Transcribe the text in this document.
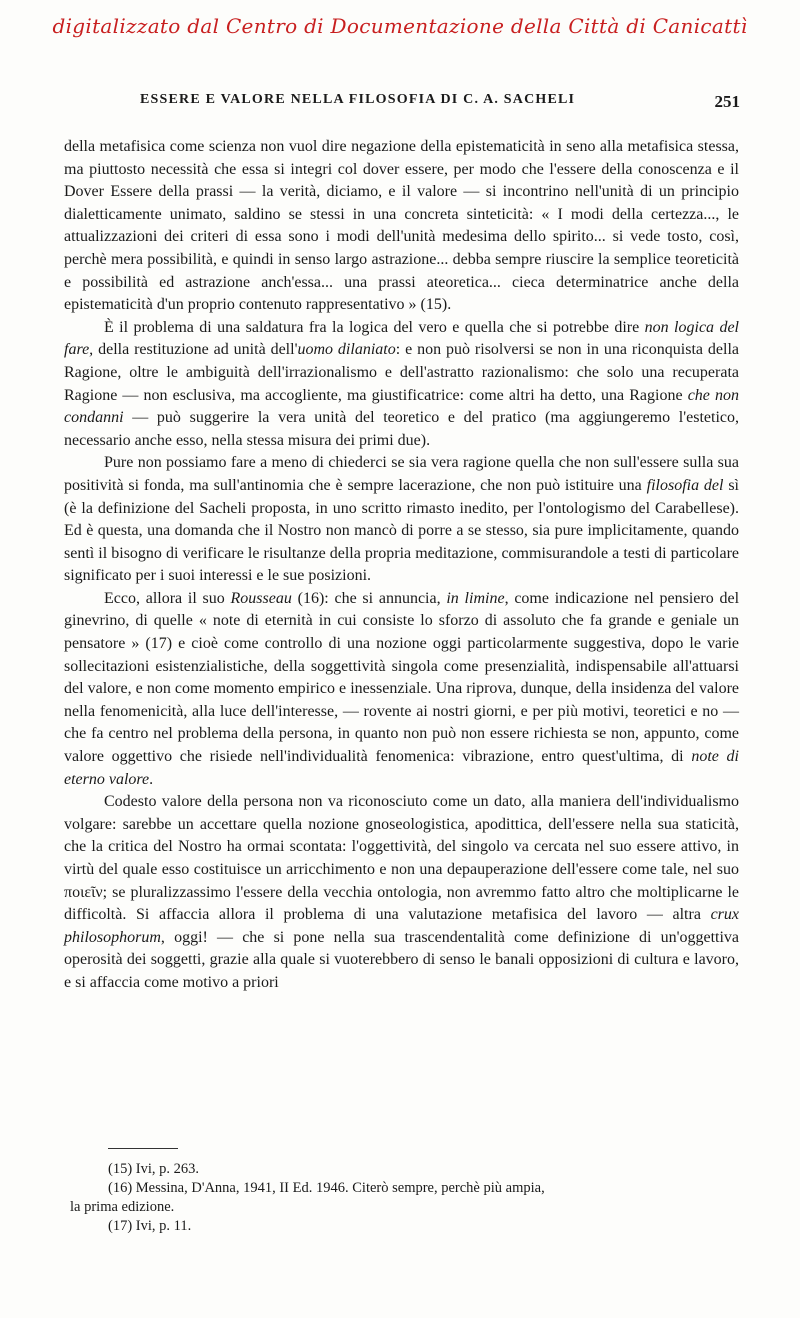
digitalizzato dal Centro di Documentazione della Città di Canicattì
ESSERE E VALORE NELLA FILOSOFIA DI C. A. SACHELI	251

della metafisica come scienza non vuol dire negazione della epistematicità in seno alla metafisica stessa, ma piuttosto necessità che essa si integri col dover essere, per modo che l'essere della conoscenza e il Dover Essere della prassi — la verità, diciamo, e il valore — si incontrino nell'unità di un principio dialetticamente unimato, saldino se stessi in una concreta sinteticità: « I modi della certezza..., le attualizzazioni dei criteri di essa sono i modi dell'unità medesima dello spirito... si vede tosto, così, perchè mera possibilità, e quindi in senso largo astrazione... debba sempre riuscire la semplice teoreticità e possibilità ed astrazione anch'essa... una prassi ateoretica... cieca determinatrice anche della epistematicità d'un proprio contenuto rappresentativo » (15).

È il problema di una saldatura fra la logica del vero e quella che si potrebbe dire non logica del fare, della restituzione ad unità dell'uomo dilaniato: e non può risolversi se non in una riconquista della Ragione, oltre le ambiguità dell'irrazionalismo e dell'astratto razionalismo: che solo una recuperata Ragione — non esclusiva, ma accogliente, ma giustificatrice: come altri ha detto, una Ragione che non condanni — può suggerire la vera unità del teoretico e del pratico (ma aggiungeremo l'estetico, necessario anche esso, nella stessa misura dei primi due).

Pure non possiamo fare a meno di chiederci se sia vera ragione quella che non sull'essere sulla sua positività si fonda, ma sull'antinomia che è sempre lacerazione, che non può istituire una filosofia del sì (è la definizione del Sacheli proposta, in uno scritto rimasto inedito, per l'ontologismo del Carabellese). Ed è questa, una domanda che il Nostro non mancò di porre a se stesso, sia pure implicitamente, quando sentì il bisogno di verificare le risultanze della propria meditazione, commisurandole a testi di particolare significato per i suoi interessi e le sue posizioni.

Ecco, allora il suo Rousseau (16): che si annuncia, in limine, come indicazione nel pensiero del ginevrino, di quelle « note di eternità in cui consiste lo sforzo di assoluto che fa grande e geniale un pensatore » (17) e cioè come controllo di una nozione oggi particolarmente suggestiva, dopo le varie sollecitazioni esistenzialistiche, della soggettività singola come presenzialità, indispensabile all'attuarsi del valore, e non come momento empirico e inessenziale. Una riprova, dunque, della insidenza del valore nella fenomenicità, alla luce dell'interesse, — rovente ai nostri giorni, e per più motivi, teoretici e no — che fa centro nel problema della persona, in quanto non può non essere richiesta se non, appunto, come valore oggettivo che risiede nell'individualità fenomenica: vibrazione, entro quest'ultima, di note di eterno valore.

Codesto valore della persona non va riconosciuto come un dato, alla maniera dell'individualismo volgare: sarebbe un accettare quella nozione gnoseologistica, apodittica, dell'essere nella sua staticità, che la critica del Nostro ha ormai scontata: l'oggettività, del singolo va cercata nel suo essere attivo, in virtù del quale esso costituisce un arricchimento e non una depauperazione dell'essere come tale, nel suo ποιεῖν; se pluralizzassimo l'essere della vecchia ontologia, non avremmo fatto altro che moltiplicarne le difficoltà. Si affaccia allora il problema di una valutazione metafisica del lavoro — altra crux philosophorum, oggi! — che si pone nella sua trascendentalità come definizione di un'oggettiva operosità dei soggetti, grazie alla quale si vuoterebbero di senso le banali opposizioni di cultura e lavoro, e si affaccia come motivo a priori

(15) Ivi, p. 263.
(16) Messina, D'Anna, 1941, II Ed. 1946. Citerò sempre, perchè più ampia,
la prima edizione.
(17) Ivi, p. 11.
